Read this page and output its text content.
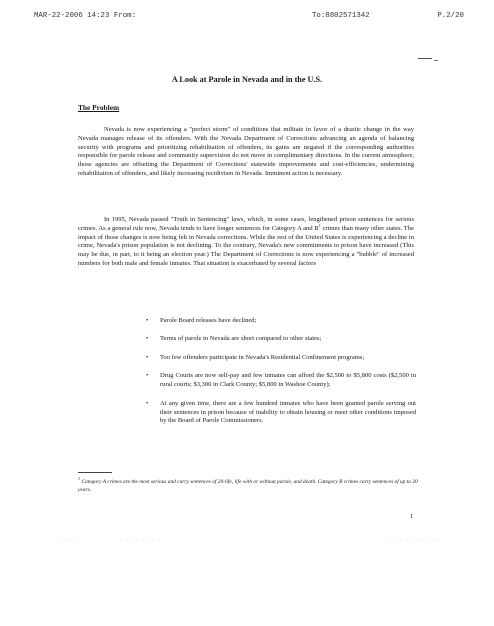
MAR-22-2006 14:23 From:	To:8802571342	P.2/20
A Look at Parole in Nevada and in the U.S.
The Problem

Nevada is now experiencing a "perfect storm" of conditions that militate in favor of a drastic change in the way Nevada manages release of its offenders. With the Nevada Department of Corrections advancing an agenda of balancing security with programs and prioritizing rehabilitation of offenders, its gains are negated if the corresponding authorities responsible for parole release and community supervision do not move in complimentary directions. In the current atmosphere, those agencies are offsetting the Department of Corrections' statewide improvements and cost-efficiencies, undermining rehabilitation of offenders, and likely increasing recidivism in Nevada. Imminent action is necessary.

In 1995, Nevada passed "Truth in Sentencing" laws, which, in some cases, lengthened prison sentences for serious crimes. As a general rule now, Nevada tends to have longer sentences for Category A and $B^1$ crimes than many other states. The impact of those changes is now being felt in Nevada corrections. While the rest of the United States is experiencing a decline in crime, Nevada's prison population is not declining. To the contrary, Nevada's new commitments to prison have increased (This may be due, in part, to it being an election year.) The Department of Corrections is now experiencing a "bubble" of increased numbers for both male and female inmates. That situation is exacerbated by several factors

• Parole Board releases have declined;
• Terms of parole in Nevada are short compared to other states;
• Too few offenders participate in Nevada's Residential Confinement programs;
• Drug Courts are now self-pay and few inmates can afford the $2,500 to $5,800 costs ($2,500 in rural courts; $3,300 in Clark County; $5,800 in Washoe County);
• At any given time, there are a few hundred inmates who have been granted parole serving out their sentences in prison because of inability to obtain housing or meet other conditions imposed by the Board of Parole Commissioners.

$^1$ Category A crimes are the most serious and carry sentences of 20-life, life with or without parole, and death. Category B crimes carry sentences of up to 20 years.

1
- - -	· · · · · · · ·	· · · · · · · · · ·
